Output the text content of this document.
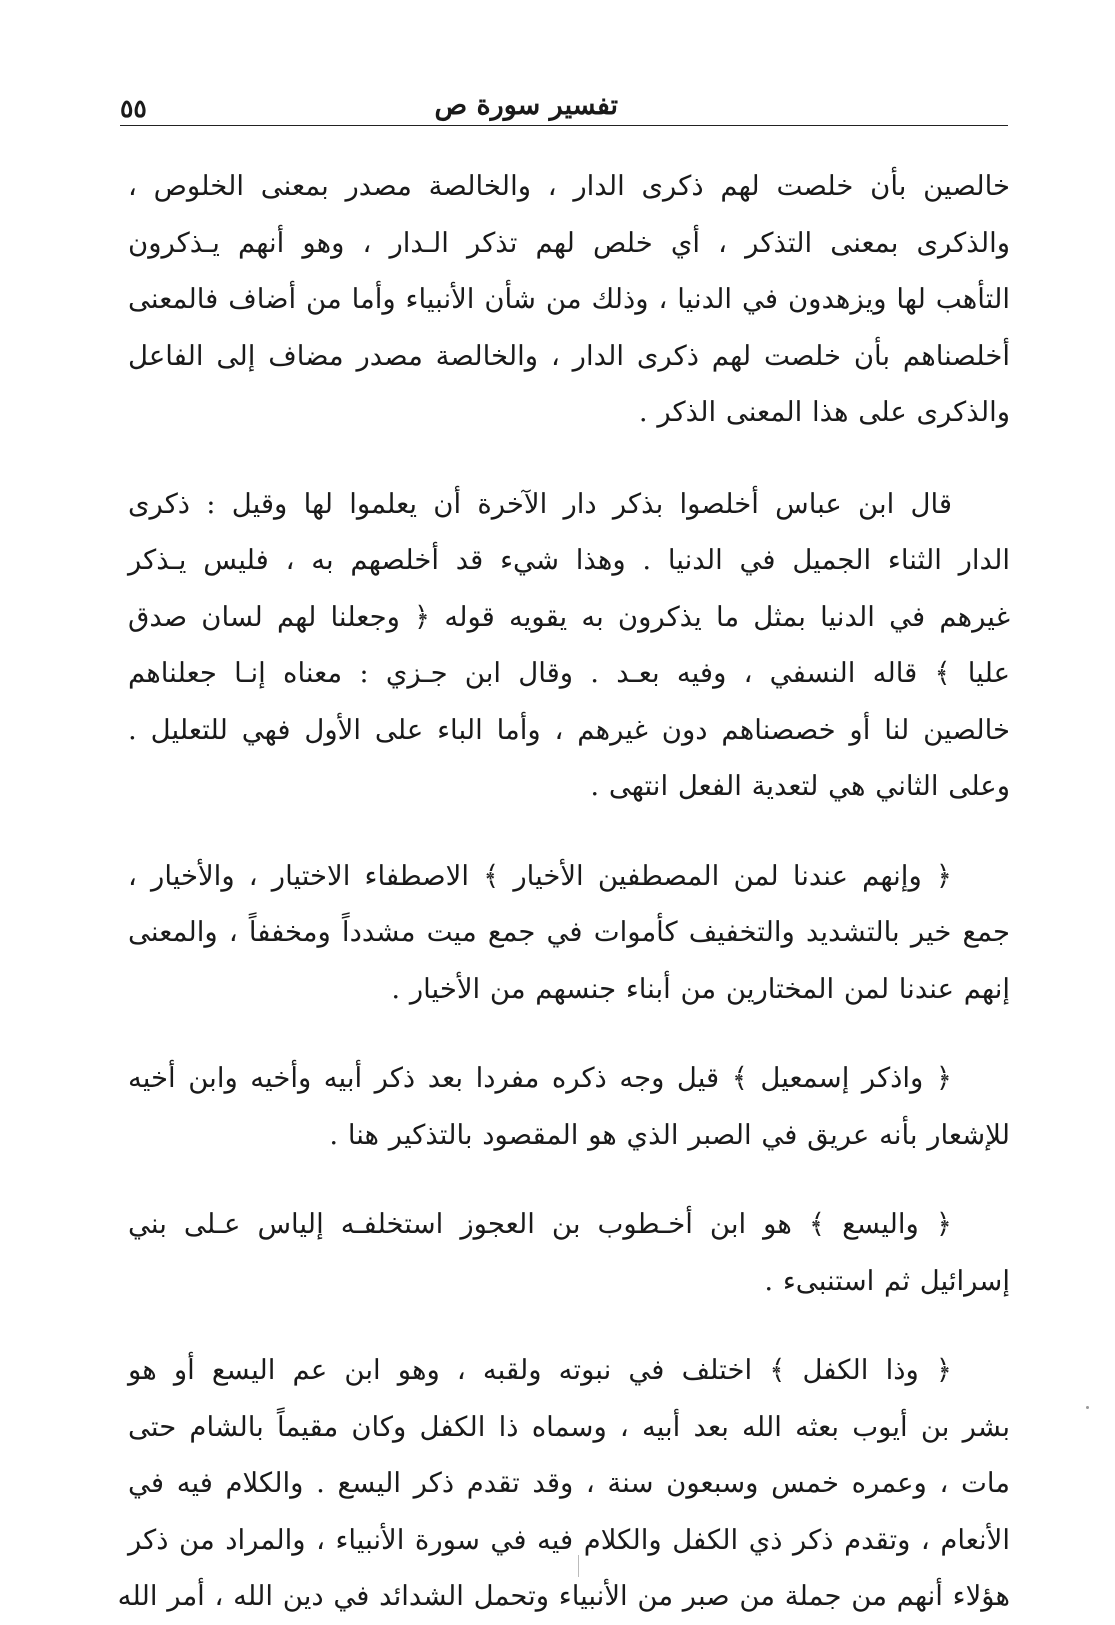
تفسير سورة ص
٥٥
خالصين بأن خلصت لهم ذكرى الدار ، والخالصة مصدر بمعنى الخلوص ،
والذكرى بمعنى التذكر ، أي خلص لهم تذكر الـدار ، وهو أنهم يـذكرون
التأهب لها ويزهدون في الدنيا ، وذلك من شأن الأنبياء وأما من أضاف فالمعنى
أخلصناهم بأن خلصت لهم ذكرى الدار ، والخالصة مصدر مضاف إلى الفاعل
والذكرى على هذا المعنى الذكر .
قال ابن عباس أخلصوا بذكر دار الآخرة أن يعلموا لها وقيل : ذكرى
الدار الثناء الجميل في الدنيا . وهذا شيء قد أخلصهم به ، فليس يـذكر
غيرهم في الدنيا بمثل ما يذكرون به يقويه قوله ﴿ وجعلنا لهم لسان صدق
عليا ﴾ قاله النسفي ، وفيه بعـد . وقال ابن جـزي : معناه إنـا جعلناهم
خالصين لنا أو خصصناهم دون غيرهم ، وأما الباء على الأول فهي للتعليل .
وعلى الثاني هي لتعدية الفعل انتهى .
﴿ وإنهم عندنا لمن المصطفين الأخيار ﴾ الاصطفاء الاختيار ، والأخيار ،
جمع خير بالتشديد والتخفيف كأموات في جمع ميت مشدداً ومخففاً ، والمعنى
إنهم عندنا لمن المختارين من أبناء جنسهم من الأخيار .
﴿ واذكر إسمعيل ﴾ قيل وجه ذكره مفردا بعد ذكر أبيه وأخيه وابن أخيه
للإشعار بأنه عريق في الصبر الذي هو المقصود بالتذكير هنا .
﴿ واليسع ﴾ هو ابن أخـطوب بن العجوز استخلفـه إلياس عـلى بني
إسرائيل ثم استنبىء .
﴿ وذا الكفل ﴾ اختلف في نبوته ولقبه ، وهو ابن عم اليسع أو هو
بشر بن أيوب بعثه الله بعد أبيه ، وسماه ذا الكفل وكان مقيماً بالشام حتى
مات ، وعمره خمس وسبعون سنة ، وقد تقدم ذكر اليسع . والكلام فيه في
الأنعام ، وتقدم ذكر ذي الكفل والكلام فيه في سورة الأنبياء ، والمراد من ذكر
هؤلاء أنهم من جملة من صبر من الأنبياء وتحمل الشدائد في دين الله ، أمر الله
